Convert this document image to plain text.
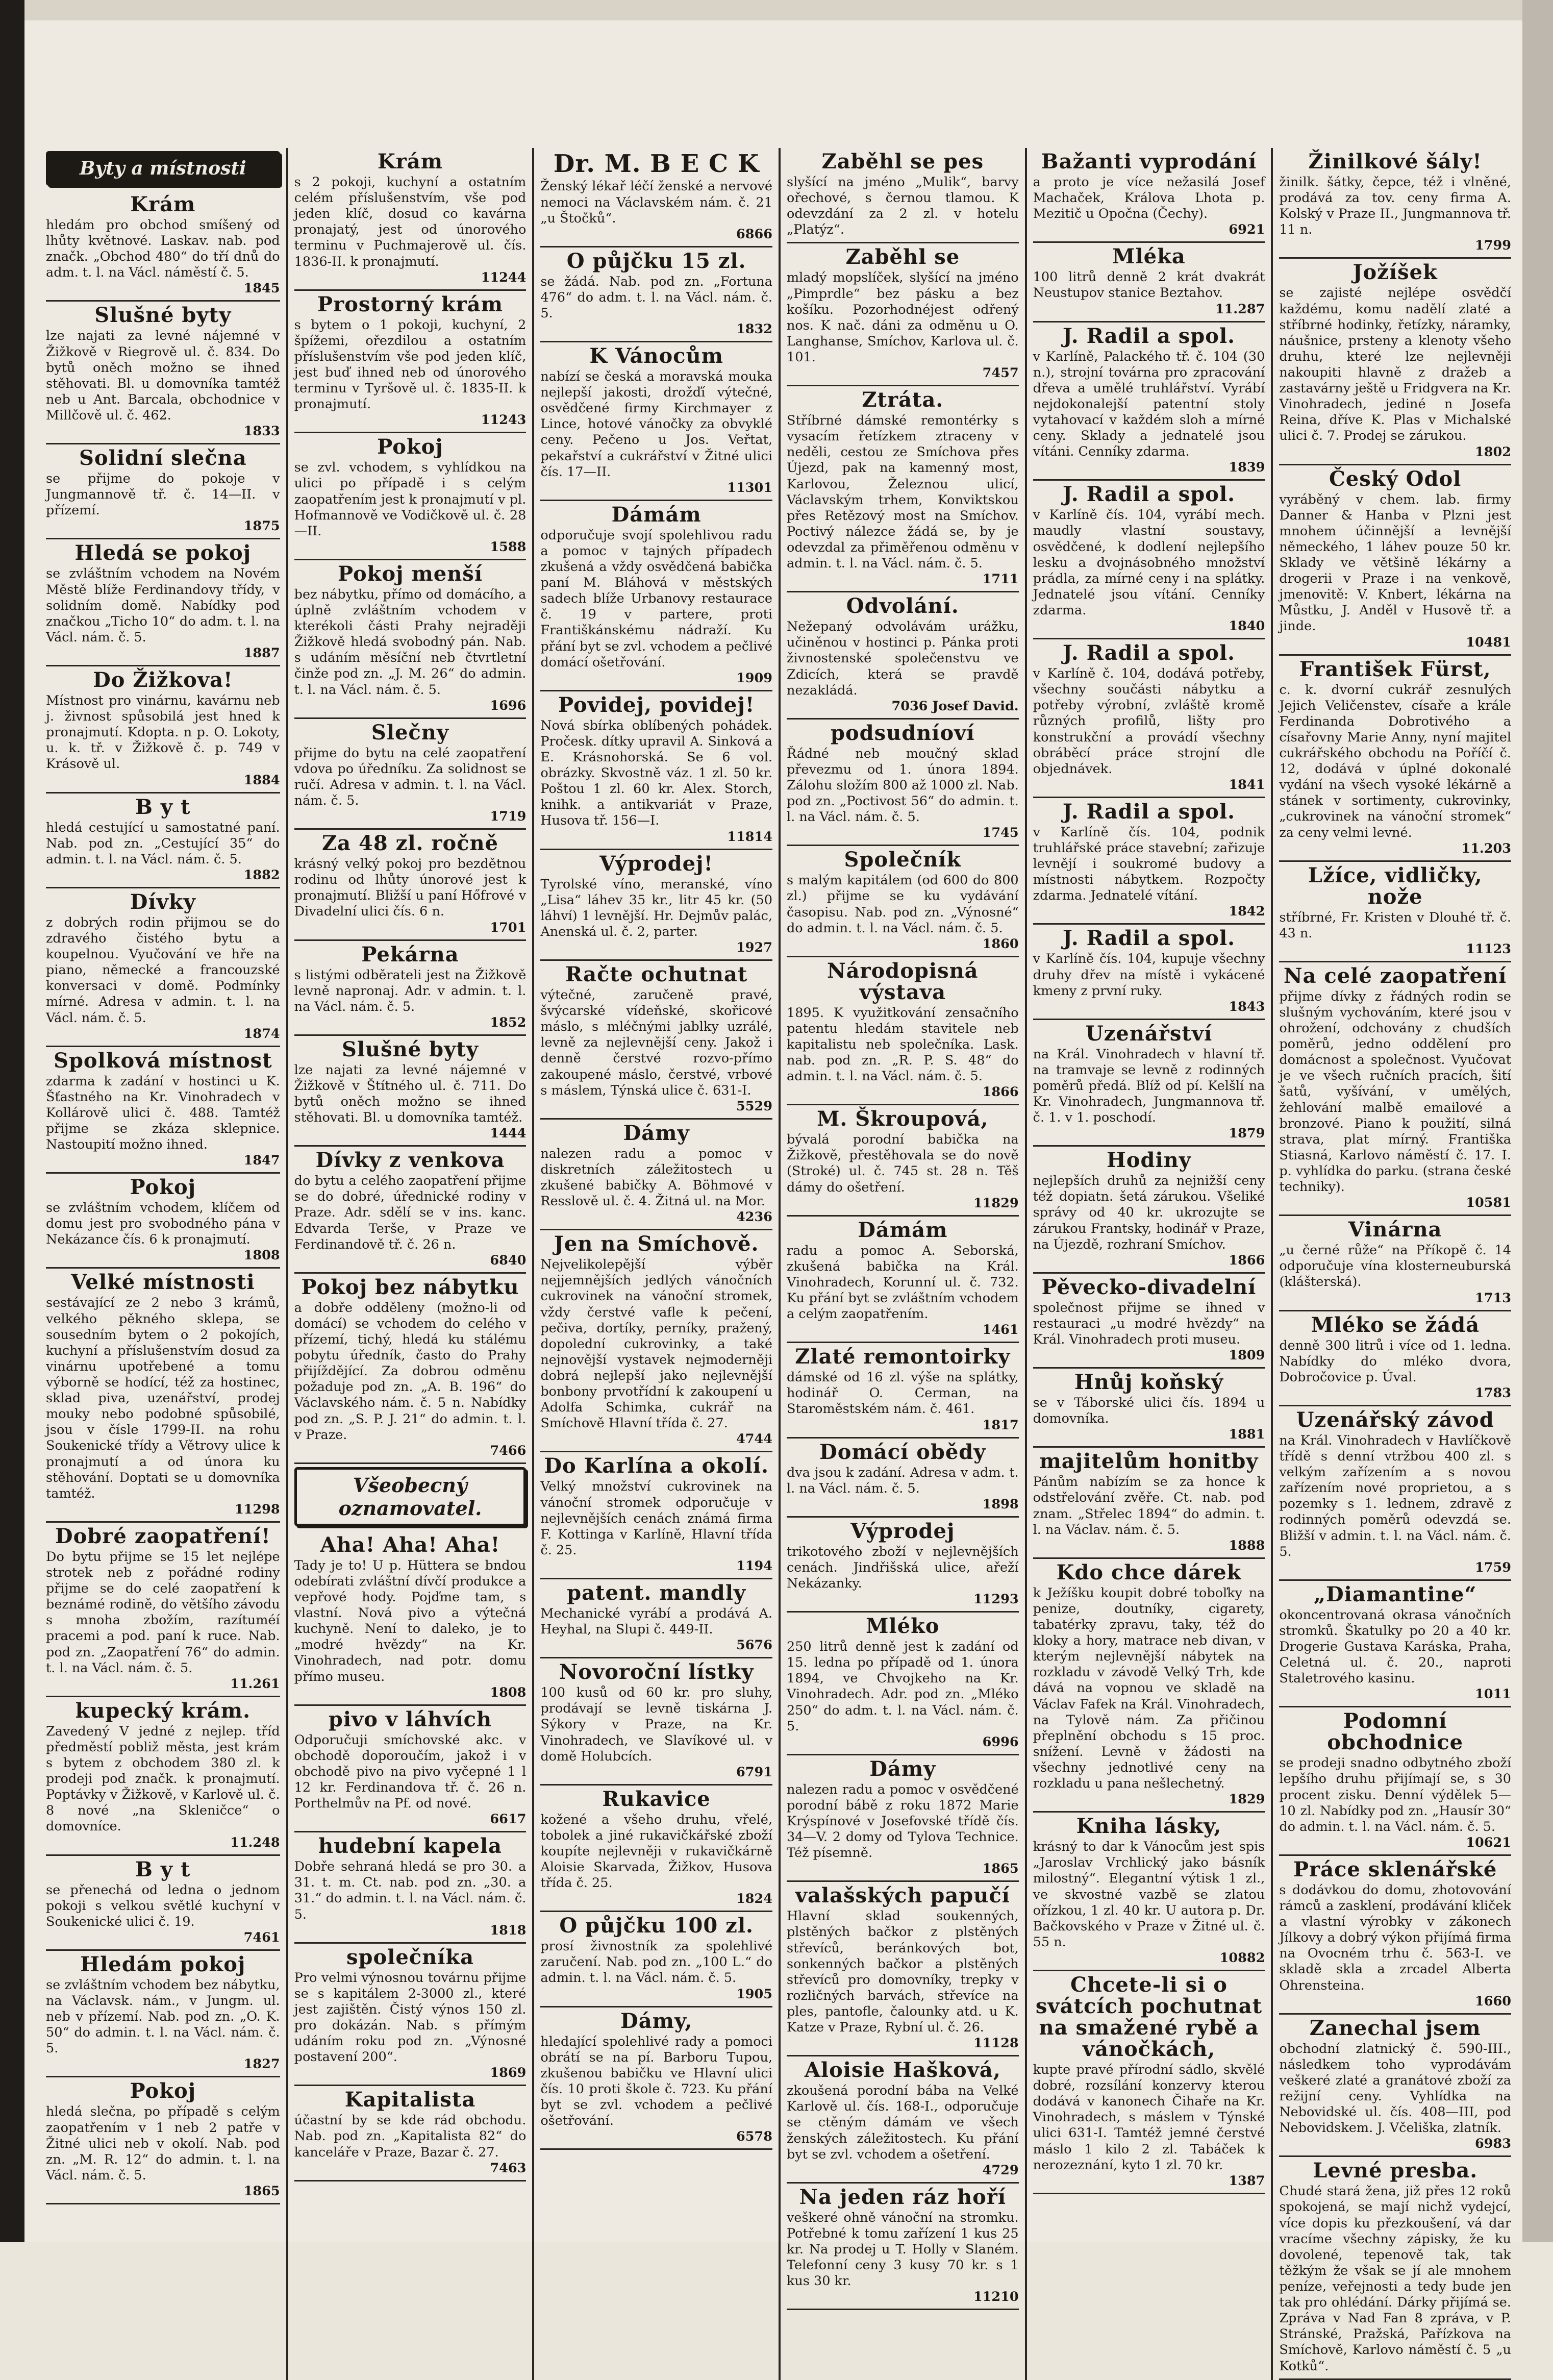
Byty a místnosti

Krám

hledám pro obchod smíšený od lhůty květnové. Laskav. nab. pod značk. „Obchod 480“ do tří dnů do adm. t. l. na Václ. náměstí č. 5.

1845

Slušné byty

lze najati za levné nájemné v Žižkově v Riegrově ul. č. 834. Do bytů oněch možno se ihned stěhovati. Bl. u domovníka tamtéž neb u Ant. Barcala, obchodnice v Millčově ul. č. 462.

1833

Solidní slečna

se přijme do pokoje v Jungmannově tř. č. 14—II. v přízemí.

1875

Hledá se pokoj

se zvláštním vchodem na Novém Městě blíže Ferdinandovy třídy, v solidním domě. Nabídky pod značkou „Ticho 10“ do adm. t. l. na Václ. nám. č. 5.

1887

Do Žižkova!

Místnost pro vinárnu, kavárnu neb j. živnost spůsobilá jest hned k pronajmutí. Kdopta. n p. O. Lokoty, u. k. tř. v Žižkově č. p. 749 v Krásově ul.

1884

B y t

hledá cestující u samostatné paní. Nab. pod zn. „Cestující 35“ do admin. t. l. na Václ. nám. č. 5.

1882

Dívky

z dobrých rodin přijmou se do zdravého čistého bytu a koupelnou. Vyučování ve hře na piano, německé a francouzské konversaci v domě. Podmínky mírné. Adresa v admin. t. l. na Václ. nám. č. 5.

1874

Spolková místnost

zdarma k zadání v hostinci u K. Šťastného na Kr. Vinohradech v Kollárově ulici č. 488. Tamtéž přijme se zkáza sklepnice. Nastoupití možno ihned.

1847

Pokoj

se zvláštním vchodem, klíčem od domu jest pro svobodného pána v Nekázance čís. 6 k pronajmutí.

1808

Velké místnosti

sestávající ze 2 nebo 3 krámů, velkého pěkného sklepa, se sousedním bytem o 2 pokojích, kuchyní a příslušenstvím dosud za vinárnu upotřebené a tomu výborně se hodící, též za hostinec, sklad piva, uzenářství, prodej mouky nebo podobné spůsobilé, jsou v čísle 1799-II. na rohu Soukenické třídy a Větrovy ulice k pronajmutí a od února ku stěhování. Doptati se u domovníka tamtéž.

11298

Dobré zaopatření!

Do bytu přijme se 15 let nejlépe strotek neb z pořádné rodiny přijme se do celé zaopatření k beznámé rodině, do většího závodu s mnoha zbožím, razítuméí pracemi a pod. paní k ruce. Nab. pod zn. „Zaopatření 76“ do admin. t. l. na Václ. nám. č. 5.

11.261

kupecký krám.

Zavedený V jedné z nejlep. tříd předměstí pobliž města, jest krám s bytem z obchodem 380 zl. k prodeji pod značk. k pronajmutí. Poptávky v Žižkově, v Karlově ul. č. 8 nové „na Skleničce“ o domovníce.

11.248

B y t

se přenechá od ledna o jednom pokoji s velkou světlé kuchyní v Soukenické ulici č. 19.

7461

Hledám pokoj

se zvláštním vchodem bez nábytku, na Václavsk. nám., v Jungm. ul. neb v přízemí. Nab. pod zn. „O. K. 50“ do admin. t. l. na Václ. nám. č. 5.

1827

Pokoj

hledá slečna, po případě s celým zaopatřením v 1 neb 2 patře v Žitné ulici neb v okolí. Nab. pod zn. „M. R. 12“ do admin. t. l. na Václ. nám. č. 5.

1865

Krám

s 2 pokoji, kuchyní a ostatním celém příslušenstvím, vše pod jeden klíč, dosud co kavárna pronajatý, jest od únorového terminu v Puchmajerově ul. čís. 1836-II. k pronajmutí.

11244

Prostorný krám

s bytem o 1 pokoji, kuchyní, 2 špížemi, ořezdilou a ostatním příslušenstvím vše pod jeden klíč, jest buď ihned neb od únorového terminu v Tyršově ul. č. 1835-II. k pronajmutí.

11243

Pokoj

se zvl. vchodem, s vyhlídkou na ulici po případě i s celým zaopatřením jest k pronajmutí v pl. Hofmannově ve Vodičkově ul. č. 28—II.

1588

Pokoj menší

bez nábytku, přímo od domácího, a úplně zvláštním vchodem v kterékoli části Prahy nejraději Žižkově hledá svobodný pán. Nab. s udáním měsíční neb čtvrtletní činže pod zn. „J. M. 26“ do admin. t. l. na Václ. nám. č. 5.

1696

Slečny

přijme do bytu na celé zaopatření vdova po úředníku. Za solidnost se ručí. Adresa v admin. t. l. na Václ. nám. č. 5.

1719

Za 48 zl. ročně

krásný velký pokoj pro bezdětnou rodinu od lhůty únorové jest k pronajmutí. Bližší u paní Hőfrové v Divadelní ulici čís. 6 n.

1701

Pekárna

s listými odběrateli jest na Žižkově levně napronaj. Adr. v admin. t. l. na Václ. nám. č. 5.

1852

Slušné byty

lze najati za levné nájemné v Žižkově v Štítného ul. č. 711. Do bytů oněch možno se ihned stěhovati. Bl. u domovníka tamtéž.

1444

Dívky z venkova

do bytu a celého zaopatření přijme se do dobré, úřednické rodiny v Praze. Adr. sdělí se v ins. kanc. Edvarda Terše, v Praze ve Ferdinandově tř. č. 26 n.

6840

Pokoj bez nábytku

a dobře odděleny (možno-li od domácí) se vchodem do celého v přízemí, tichý, hledá ku stálému pobytu úředník, často do Prahy přijíždějící. Za dobrou odměnu požaduje pod zn. „A. B. 196“ do Václavského nám. č. 5 n. Nabídky pod zn. „S. P. J. 21“ do admin. t. l. v Praze.

7466

Všeobecný oznamovatel.

Aha! Aha! Aha!

Tady je to! U p. Hüttera se bndou odebírati zvláštní dívčí produkce a vepřové hody. Pojďme tam, s vlastní. Nová pivo a výtečná kuchyně. Není to daleko, je to „modré hvězdy“ na Kr. Vinohradech, nad potr. domu přímo museu.

1808

pivo v láhvích

Odporučuji smíchovské akc. v obchodě doporoučím, jakož i v obchodě pivo na pivo vyčepné 1 l 12 kr. Ferdinandova tř. č. 26 n. Porthelmův na Pf. od nové.

6617

hudební kapela

Dobře sehraná hledá se pro 30. a 31. t. m. Ct. nab. pod zn. „30. a 31.“ do admin. t. l. na Václ. nám. č. 5.

1818

společníka

Pro velmi výnosnou továrnu přijme se s kapitálem 2-3000 zl., které jest zajištěn. Čistý výnos 150 zl. pro dokázán. Nab. s přímým udáním roku pod zn. „Výnosné postavení 200“.

1869

Kapitalista

účastní by se kde rád obchodu. Nab. pod zn. „Kapitalista 82“ do kanceláře v Praze, Bazar č. 27.

7463

Dr. M. B E C K

Ženský lékař léčí ženské a nervové nemoci na Václavském nám. č. 21 „u Štočků“.

6866

O půjčku 15 zl.

se žádá. Nab. pod zn. „Fortuna 476“ do adm. t. l. na Václ. nám. č. 5.

1832

K Vánocům

nabízí se česká a moravská mouka nejlepší jakosti, drožďí výtečné, osvědčené firmy Kirchmayer z Lince, hotové vánočky za obvyklé ceny. Pečeno u Jos. Veřtat, pekařství a cukrářství v Žitné ulici čís. 17—II.

11301

Dámám

odporučuje svojí spolehlivou radu a pomoc v tajných případech zkušená a vždy osvědčená babička paní M. Bláhová v městských sadech blíže Urbanovy restaurace č. 19 v partere, proti Františkánskému nádraží. Ku přání byt se zvl. vchodem a pečlivé domácí ošetřování.

1909

Povidej, povidej!

Nová sbírka oblíbených pohádek. Pročesk. dítky upravil A. Sinková a E. Krásnohorská. Se 6 vol. obrázky. Skvostně váz. 1 zl. 50 kr. Poštou 1 zl. 60 kr. Alex. Storch, knihk. a antikvariát v Praze, Husova tř. 156—I.

11814

Výprodej!

Tyrolské víno, meranské, víno „Lisa“ láhev 35 kr., litr 45 kr. (50 láhví) 1 levnější. Hr. Dejmův palác, Anenská ul. č. 2, parter.

1927

Račte ochutnat

výtečné, zaručeně pravé, švýcarské vídeňské, skořicové máslo, s mléčnými jablky uzrálé, levně za nejlevnější ceny. Jakož i denně čerstvé rozvo-přímo zakoupené máslo, čerstvé, vrbové s máslem, Týnská ulice č. 631-I.

5529

Dámy

nalezen radu a pomoc v diskretních záležitostech u zkušené babičky A. Böhmové v Resslově ul. č. 4. Žitná ul. na Mor.

4236

Jen na Smíchově.

Nejvelikolepější výběr nejjemnějších jedlých vánočních cukrovinek na vánoční stromek, vždy čerstvé vafle k pečení, pečiva, dortíky, perníky, pražený, dopolední cukrovinky, a také nejnovější vystavek nejmoderněji dobrá nejlepší jako nejlevnější bonbony prvotřídní k zakoupení u Adolfa Schimka, cukrář na Smíchově Hlavní třída č. 27.

4744

Do Karlína a okolí.

Velký množství cukrovinek na vánoční stromek odporučuje v nejlevnějších cenách známá firma F. Kottinga v Karlíně, Hlavní třída č. 25.

1194

patent. mandly

Mechanické vyrábí a prodává A. Heyhal, na Slupi č. 449-II.

5676

Novoroční lístky

100 kusů od 60 kr. pro sluhy, prodávají se levně tiskárna J. Sýkory v Praze, na Kr. Vinohradech, ve Slavíkové ul. v domě Holubcích.

6791

Rukavice

kožené a všeho druhu, vřelé, tobolek a jiné rukavičkářské zboží koupíte nejlevněji v rukavičkárně Aloisie Skarvada, Žižkov, Husova třída č. 25.

1824

O půjčku 100 zl.

prosí živnostník za spolehlivé zaručení. Nab. pod zn. „100 L.“ do admin. t. l. na Václ. nám. č. 5.

1905

Dámy,

hledající spolehlivé rady a pomoci obrátí se na pí. Barboru Tupou, zkušenou babičku ve Hlavní ulici čís. 10 proti škole č. 723. Ku přání byt se zvl. vchodem a pečlivé ošetřování.

6578

Zaběhl se pes

slyšící na jméno „Mulik“, barvy ořechové, s černou tlamou. K odevzdání za 2 zl. v hotelu „Platýz“.

Zaběhl se

mladý mopslíček, slyšící na jméno „Pimprdle“ bez pásku a bez košíku. Pozorhodnéjest odřený nos. K nač. dáni za odměnu u O. Langhanse, Smíchov, Karlova ul. č. 101.

7457

Ztráta.

Stříbrné dámské remontérky s vysacím řetízkem ztraceny v neděli, cestou ze Smíchova přes Újezd, pak na kamenný most, Karlovou, Železnou ulicí, Václavským trhem, Konviktskou přes Retězový most na Smíchov. Poctivý nálezce žádá se, by je odevzdal za přiměřenou odměnu v admin. t. l. na Václ. nám. č. 5.

1711

Odvolání.

Nežepaný odvolávám urážku, učiněnou v hostinci p. Pánka proti živnostenské společenstvu ve Zdicích, která se pravdě nezakládá.

7036 Josef David.

podsudníoví

Řádné neb moučný sklad převezmu od 1. února 1894. Zálohu složím 800 až 1000 zl. Nab. pod zn. „Poctivost 56“ do admin. t. l. na Václ. nám. č. 5.

1745

Společník

s malým kapitálem (od 600 do 800 zl.) přijme se ku vydávání časopisu. Nab. pod zn. „Výnosné“ do admin. t. l. na Václ. nám. č. 5.

1860

Národopisná výstava

1895. K využitkování zensačního patentu hledám stavitele neb kapitalistu neb společníka. Lask. nab. pod zn. „R. P. S. 48“ do admin. t. l. na Václ. nám. č. 5.

1866

M. Škroupová,

bývalá porodní babička na Žižkově, přestěhovala se do nově (Stroké) ul. č. 745 st. 28 n. Těš dámy do ošetření.

11829

Dámám

radu a pomoc A. Seborská, zkušená babička na Král. Vinohradech, Korunní ul. č. 732. Ku přání byt se zvláštním vchodem a celým zaopatřením.

1461

Zlaté remontoirky

dámské od 16 zl. výše na splátky, hodinář O. Cerman, na Staroměstském nám. č. 461.

1817

Domácí obědy

dva jsou k zadání. Adresa v adm. t. l. na Václ. nám. č. 5.

1898

Výprodej

trikotového zboží v nejlevnějších cenách. Jindřišská ulice, ařeží Nekázanky.

11293

Mléko

250 litrů denně jest k zadání od 15. ledna po případě od 1. února 1894, ve Chvojkeho na Kr. Vinohradech. Adr. pod zn. „Mléko 250“ do adm. t. l. na Václ. nám. č. 5.

6996

Dámy

nalezen radu a pomoc v osvědčené porodní bábě z roku 1872 Marie Krýspínové v Josefovské třídě čís. 34—V. 2 domy od Tylova Technice. Též písemně.

1865

valašských papučí

Hlavní sklad soukenných, plstěných bačkor z plstěných střevíců, beránkových bot, sonkenných bačkor a plstěných střevíců pro domovníky, trepky v rozličných barvách, střevíce na ples, pantofle, čalounky atd. u K. Katze v Praze, Rybní ul. č. 26.

11128

Aloisie Hašková,

zkoušená porodní bába na Velké Karlově ul. čís. 168-I., odporučuje se ctěným dámám ve všech ženských záležitostech. Ku přání byt se zvl. vchodem a ošetření.

4729

Na jeden ráz hoří

veškeré ohně vánoční na stromku. Potřebné k tomu zařízení 1 kus 25 kr. Na prodej u T. Holly v Slaném. Telefonní ceny 3 kusy 70 kr. s 1 kus 30 kr.

11210

Bažanti vyprodání

a proto je více nežasilá Josef Machaček, Králova Lhota p. Mezitič u Opočna (Čechy).

6921

Mléka

100 litrů denně 2 krát dvakrát Neustupov stanice Beztahov.

11.287

J. Radil a spol.

v Karlíně, Palackého tř. č. 104 (30 n.), strojní továrna pro zpracování dřeva a umělé truhlářství. Vyrábí nejdokonalejší patentní stoly vytahovací v každém sloh a mírné ceny. Sklady a jednatelé jsou vítáni. Cenníky zdarma.

1839

J. Radil a spol.

v Karlíně čís. 104, vyrábí mech. maudly vlastní soustavy, osvědčené, k dodlení nejlepšího lesku a dvojnásobného množství prádla, za mírné ceny i na splátky. Jednatelé jsou vítání. Cenníky zdarma.

1840

J. Radil a spol.

v Karlíně č. 104, dodává potřeby, všechny součásti nábytku a potřeby výrobní, zvláště kromě různých profilů, lišty pro konstrukční a provádí všechny obráběcí práce strojní dle objednávek.

1841

J. Radil a spol.

v Karlíně čís. 104, podnik truhlářské práce stavební; zařizuje levnějí i soukromé budovy a místnosti nábytkem. Rozpočty zdarma. Jednatelé vítání.

1842

J. Radil a spol.

v Karlíně čís. 104, kupuje všechny druhy dřev na místě i vykácené kmeny z první ruky.

1843

Uzenářství

na Král. Vinohradech v hlavní tř. na tramvaje se levně z rodinných poměrů předá. Blíž od pí. Kelšlí na Kr. Vinohradech, Jungmannova tř. č. 1. v 1. poschodí.

1879

Hodiny

nejlepších druhů za nejnižší ceny též dopiatn. šetá zárukou. Všeliké správy od 40 kr. ukrozujte se zárukou Frantsky, hodinář v Praze, na Újezdě, rozhraní Smíchov.

1866

Pěvecko-divadelní

společnost přijme se ihned v restauraci „u modré hvězdy“ na Král. Vinohradech proti museu.

1809

Hnůj koňský

se v Táborské ulici čís. 1894 u domovníka.

1881

majitelům honitby

Pánům nabízím se za honce k odstřelování zvěře. Ct. nab. pod znam. „Střelec 1894“ do admin. t. l. na Václav. nám. č. 5.

1888

Kdo chce dárek

k Ježíšku koupit dobré toboľky na penize, doutníky, cigarety, tabatérky zpravu, taky, též do kloky a hory, matrace neb divan, v kterým nejlevnější nábytek na rozkladu v závodě Velký Trh, kde dává na vopnou ve skladě na Václav Fafek na Král. Vinohradech, na Tylově nám. Za přičinou přeplnění obchodu s 15 proc. snížení. Levně v žádosti na všechny jednotlivé ceny na rozkladu u pana nešlechetný.

1829

Kniha lásky,

krásný to dar k Vánocům jest spis „Jaroslav Vrchlický jako básník milostný“. Elegantní výtisk 1 zl., ve skvostné vazbě se zlatou ořízkou, 1 zl. 40 kr. U autora p. Dr. Bačkovského v Praze v Žitné ul. č. 55 n.

10882

Chcete-li si o svátcích pochutnat na smažené rybě a vánočkách,

kupte pravé přírodní sádlo, skvělé dobré, rozsílání konzervy kterou dodává v kanonech Čihaře na Kr. Vinohradech, s máslem v Týnské ulici 631-I. Tamtéž jemné čerstvé máslo 1 kilo 2 zl. Tabáček k nerozeznání, kyto 1 zl. 70 kr.

1387

Žinilkové šály!

žinilk. šátky, čepce, též i vlněné, prodává za tov. ceny firma A. Kolský v Praze II., Jungmannova tř. 11 n.

1799

Jožíšek

se zajisté nejlépe osvědčí každému, komu nadělí zlaté a stříbrné hodinky, řetízky, náramky, náušnice, prsteny a klenoty všeho druhu, které lze nejlevněji nakoupiti hlavně z dražeb a zastavárny ještě u Fridgvera na Kr. Vinohradech, jediné n Josefa Reina, dříve K. Plas v Michalské ulici č. 7. Prodej se zárukou.

1802

Český Odol

vyráběný v chem. lab. firmy Danner & Hanba v Plzni jest mnohem účinnější a levnější německého, 1 láhev pouze 50 kr. Sklady ve většině lékárny a drogerii v Praze i na venkově, jmenovitě: V. Knbert, lékárna na Můstku, J. Anděl v Husově tř. a jinde.

10481

František Fürst,

c. k. dvorní cukrář zesnulých Jejich Veličenstev, císaře a krále Ferdinanda Dobrotivého a císařovny Marie Anny, nyní majitel cukrářského obchodu na Poříčí č. 12, dodává v úplné dokonalé vydání na všech vysoké lékárně a stánek v sortimenty, cukrovinky, „cukrovinek na vánoční stromek“ za ceny velmi levné.

11.203

Lžíce, vidličky, nože

stříbrné, Fr. Kristen v Dlouhé tř. č. 43 n.

11123

Na celé zaopatření

přijme dívky z řádných rodin se slušným vychováním, které jsou v ohrožení, odchovány z chudších poměrů, jedno oddělení pro domácnost a společnost. Vyučovat je ve všech ručních pracích, šití šatů, vyšívání, v umělých, žehlování malbě emailové a bronzové. Piano k použití, silná strava, plat mírný. Františka Stiasná, Karlovo náměstí č. 17. I. p. vyhlídka do parku. (strana české techniky).

10581

Vinárna

„u černé růže“ na Příkopě č. 14 odporučuje vína klosterneuburská (klášterská).

1713

Mléko se žádá

denně 300 litrů i více od 1. ledna. Nabídky do mléko dvora, Dobročovice p. Úval.

1783

Uzenářský závod

na Král. Vinohradech v Havlíčkově třídě s denní vtržbou 400 zl. s velkým zařízením a s novou zařízením nové proprietou, a s pozemky s 1. lednem, zdravě z rodinných poměrů odevzdá se. Bližší v admin. t. l. na Václ. nám. č. 5.

1759

„Diamantine“

okoncentrovaná okrasa vánočních stromků. Škatulky po 20 a 40 kr. Drogerie Gustava Karáska, Praha, Celetná ul. č. 20., naproti Staletrového kasinu.

1011

Podomní obchodnice

se prodeji snadno odbytného zboží lepšího druhu přijímají se, s 30 procent zisku. Denní výdělek 5—10 zl. Nabídky pod zn. „Hausír 30“ do admin. t. l. na Václ. nám. č. 5.

10621

Práce sklenářské

s dodávkou do domu, zhotovování rámců a zasklení, prodávání kliček a vlastní výrobky v zákonech Jílkovy a dobrý výkon přijímá firma na Ovocném trhu č. 563-I. ve skladě skla a zrcadel Alberta Ohrensteina.

1660

Zanechal jsem

obchodní zlatnický č. 590-III., následkem toho vyprodávám veškeré zlaté a granátové zboží za režijní ceny. Vyhlídka na Nebovidské ul. čís. 408—III, pod Nebovidskem. J. Včeliška, zlatník.

6983

Levné presba.

Chudé stará žena, již přes 12 roků spokojená, se mají nichž vydejcí, více dopis ku přezkoušení, vá dar vracíme všechny zápisky, že ku dovolené, tepenově tak, tak těžkým že však se jí ale mnohem peníze, veřejnosti a tedy bude jen tak pro ohlédání. Dárky přijímá se. Zpráva v Nad Fan 8 zpráva, v P. Stránské, Pražská, Pařízkova na Smíchově, Karlovo náměstí č. 5 „u Kotků“.
